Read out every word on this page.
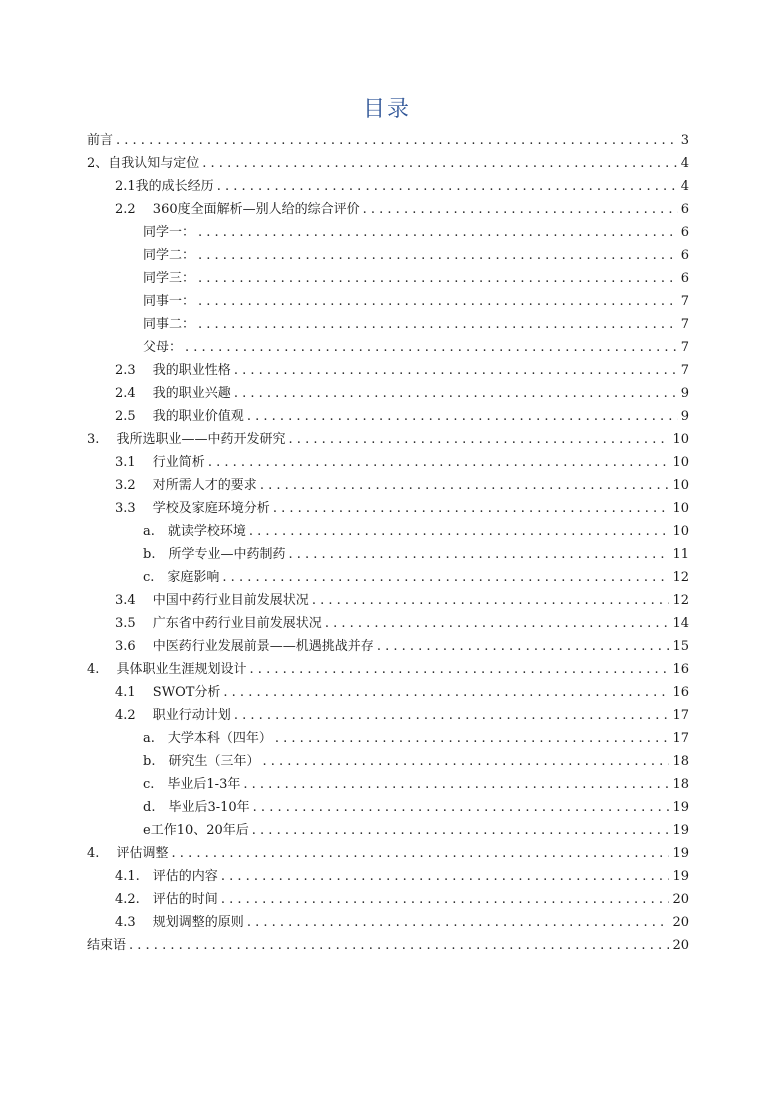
目录
前言 . . .	3
2、自我认知与定位 . . .	4
2.1我的成长经历 . . .	4
2.2　 360度全面解析—别人给的综合评价 . . .	6
同学一： . . .	6
同学二： . . .	6
同学三： . . .	6
同事一： . . .	7
同事二： . . .	7
父母： . . .	7
2.3　 我的职业性格 . . .	7
2.4　 我的职业兴趣 . . .	9
2.5　 我的职业价值观 . . .	9
3.　 我所选职业——中药开发研究 . . .	10
3.1　 行业简析 . . .	10
3.2　 对所需人才的要求 . . .	10
3.3　 学校及家庭环境分析 . . .	10
a.　就读学校环境 . . .	10
b.　所学专业—中药制药 . . .	11
c.　家庭影响 . . .	12
3.4　 中国中药行业目前发展状况 . . .	12
3.5　 广东省中药行业目前发展状况 . . .	14
3.6　 中医药行业发展前景——机遇挑战并存 . . .	15
4.　 具体职业生涯规划设计 . . .	16
4.1　 SWOT分析 . . .	16
4.2　 职业行动计划 . . .	17
a.　大学本科（四年） . . .	17
b.　研究生（三年） . . .	18
c.　毕业后1-3年 . . .	18
d.　毕业后3-10年 . . .	19
e工作10、20年后 . . .	19
4.　 评估调整 . . .	19
4.1.　评估的内容 . . .	19
4.2.　评估的时间 . . .	20
4.3　 规划调整的原则 . . .	20
结束语 . . .	20
